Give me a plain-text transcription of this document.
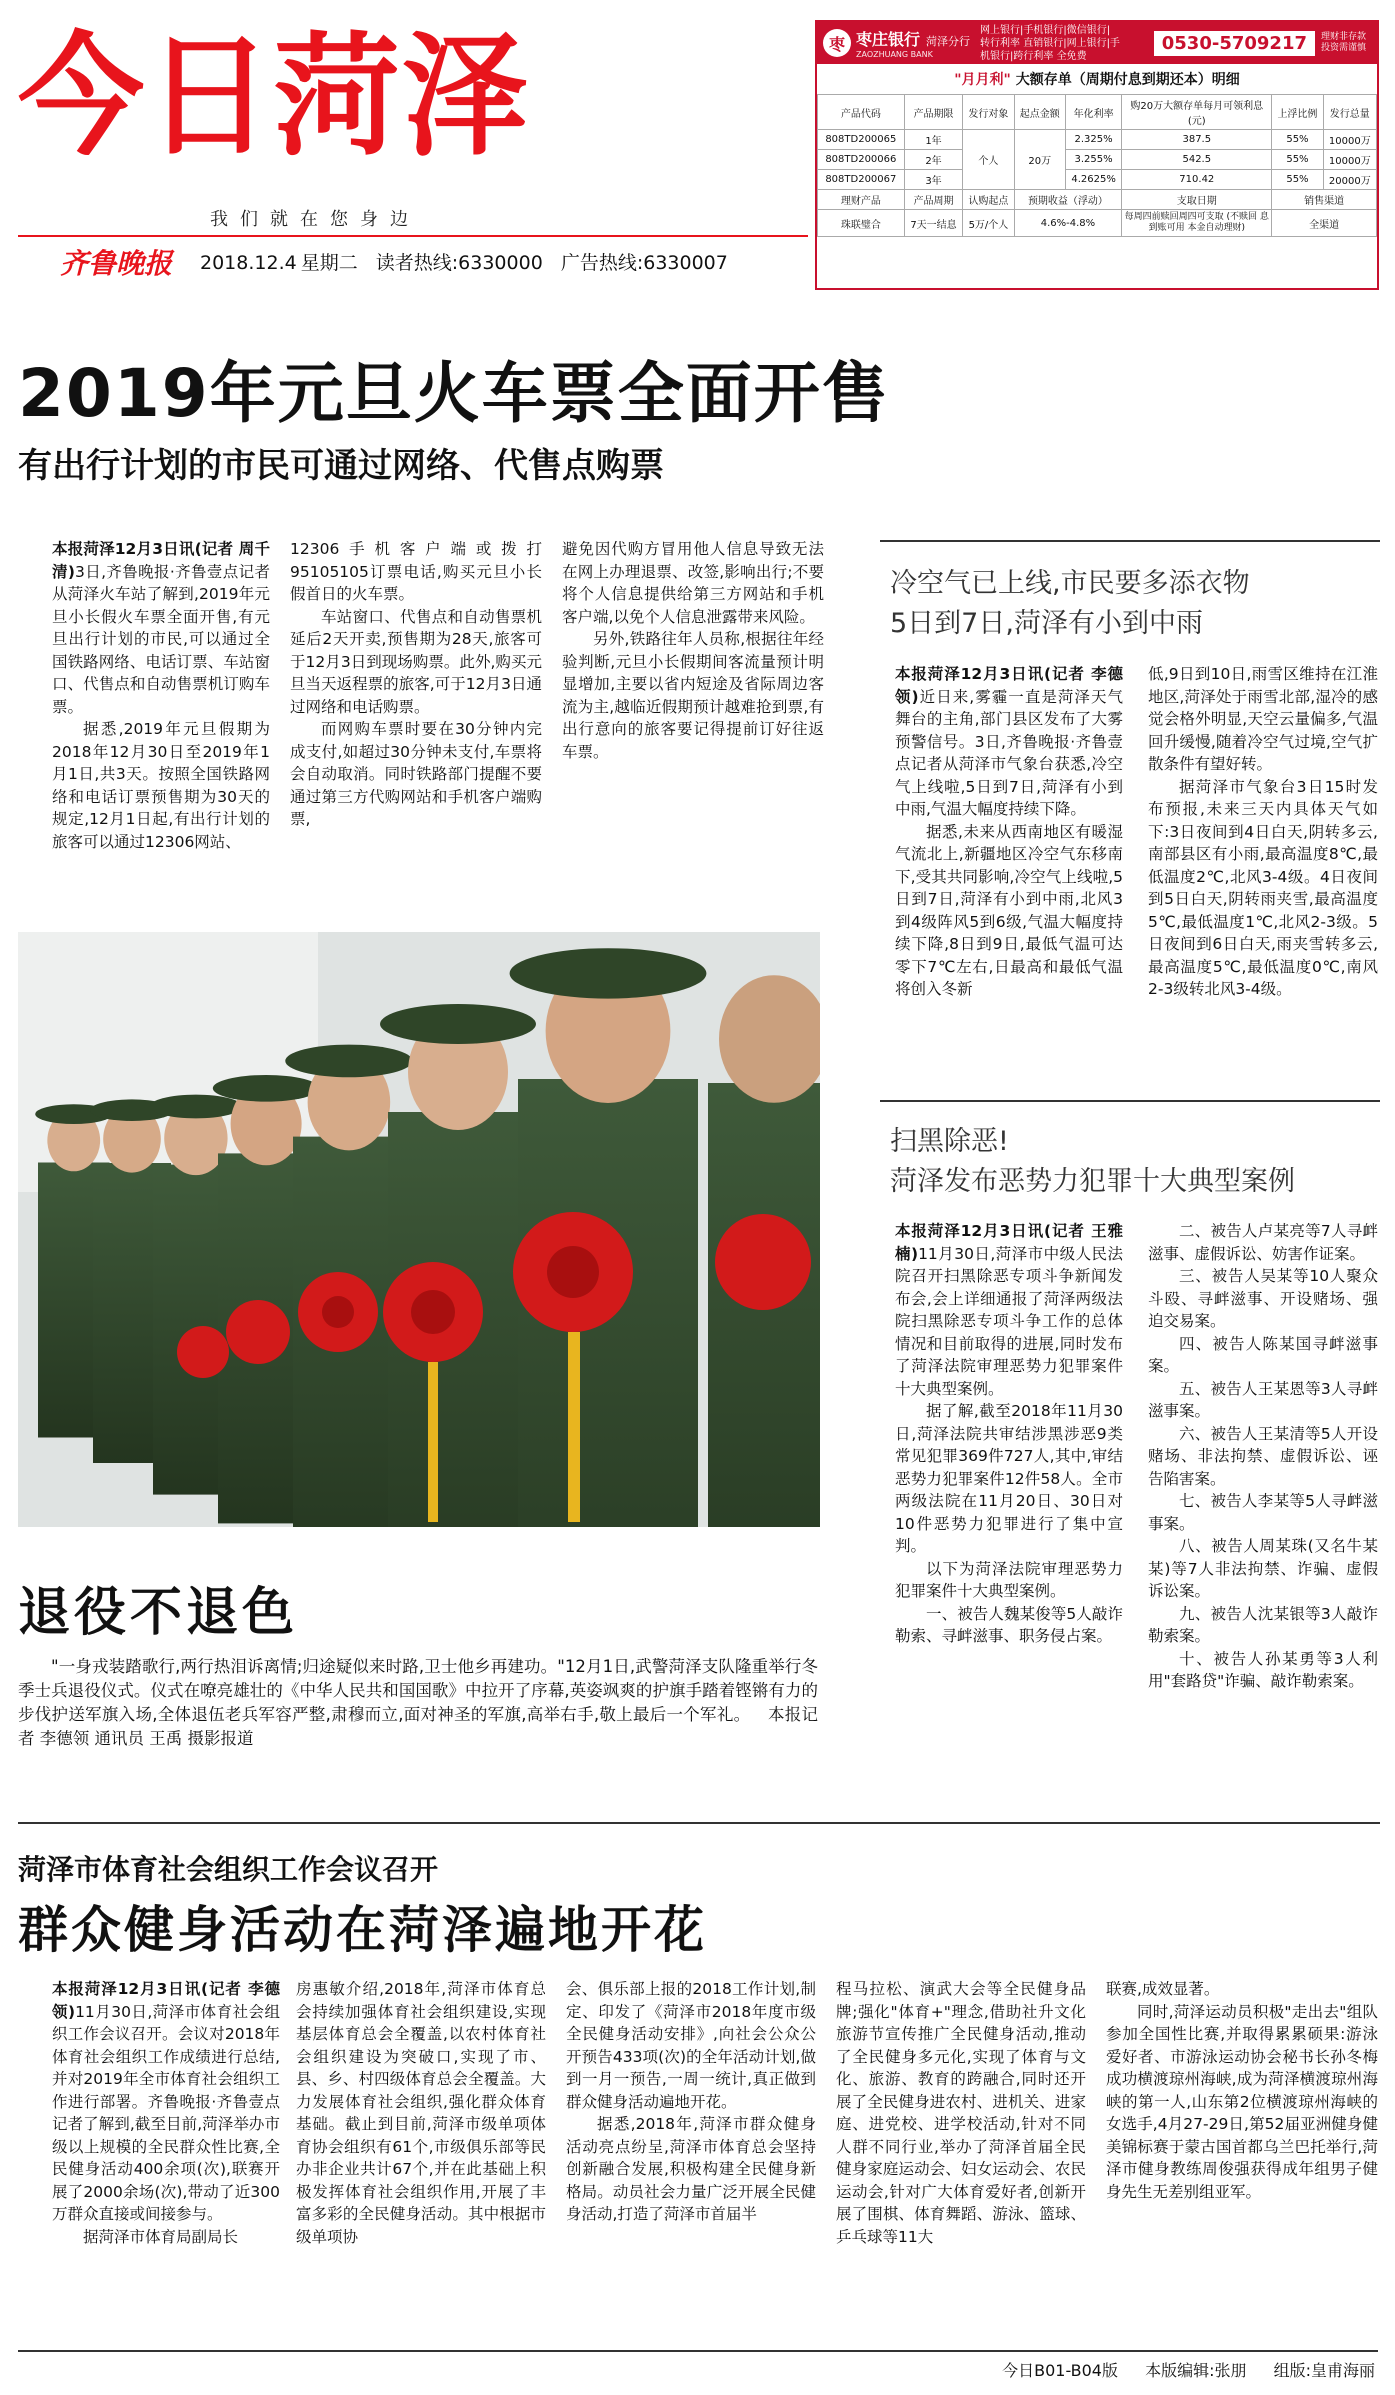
今日菏泽
我们就在您身边
齐鲁晚报 2018.12.4 星期二 读者热线:6330000 广告热线:6330007
枣 枣庄银行 菏泽分行
ZAOZHUANG BANK
网上银行|手机银行|微信银行|转行利率 直销银行|网上银行|手机银行|跨行利率 全免费
0530-5709217	理财非存款 投资需谨慎
"月月利" 大额存单（周期付息到期还本）明细
产品代码	产品期限	发行对象	起点金额	年化利率	购20万大额存单每月可领利息(元)	上浮比例	发行总量
808TD200065	1年	个人	20万	2.325%	387.5	55%	10000万
808TD200066	2年			3.255%	542.5	55%	10000万
808TD200067	3年			4.2625%	710.42	55%	20000万
理财产品	产品周期	认购起点	预期收益（浮动）		支取日期	销售渠道	
珠联璧合	7天一结息	5万/个人	4.6%-4.8%		每周四前赎回周四可支取 (不赎回 息到账可用 本金自动理财)	全渠道	
2019年元旦火车票全面开售
有出行计划的市民可通过网络、代售点购票

本报菏泽12月3日讯(记者 周千清)3日,齐鲁晚报·齐鲁壹点记者从菏泽火车站了解到,2019年元旦小长假火车票全面开售,有元旦出行计划的市民,可以通过全国铁路网络、电话订票、车站窗口、代售点和自动售票机订购车票。

据悉,2019年元旦假期为2018年12月30日至2019年1月1日,共3天。按照全国铁路网络和电话订票预售期为30天的规定,12月1日起,有出行计划的旅客可以通过12306网站、

12306手机客户端或拨打95105105订票电话,购买元旦小长假首日的火车票。

车站窗口、代售点和自动售票机延后2天开卖,预售期为28天,旅客可于12月3日到现场购票。此外,购买元旦当天返程票的旅客,可于12月3日通过网络和电话购票。

而网购车票时要在30分钟内完成支付,如超过30分钟未支付,车票将会自动取消。同时铁路部门提醒不要通过第三方代购网站和手机客户端购票,

避免因代购方冒用他人信息导致无法在网上办理退票、改签,影响出行;不要将个人信息提供给第三方网站和手机客户端,以免个人信息泄露带来风险。

另外,铁路往年人员称,根据往年经验判断,元旦小长假期间客流量预计明显增加,主要以省内短途及省际周边客流为主,越临近假期预计越难抢到票,有出行意向的旅客要记得提前订好往返车票。

退役不退色
"一身戎装踏歌行,两行热泪诉离情;归途疑似来时路,卫士他乡再建功。"12月1日,武警菏泽支队隆重举行冬季士兵退役仪式。仪式在嘹亮雄壮的《中华人民共和国国歌》中拉开了序幕,英姿飒爽的护旗手踏着铿锵有力的步伐护送军旗入场,全体退伍老兵军容严整,肃穆而立,面对神圣的军旗,高举右手,敬上最后一个军礼。 本报记者 李德领 通讯员 王禹 摄影报道
冷空气已上线,市民要多添衣物
5日到7日,菏泽有小到中雨

本报菏泽12月3日讯(记者 李德领)近日来,雾霾一直是菏泽天气舞台的主角,部门县区发布了大雾预警信号。3日,齐鲁晚报·齐鲁壹点记者从菏泽市气象台获悉,冷空气上线啦,5日到7日,菏泽有小到中雨,气温大幅度持续下降。

据悉,未来从西南地区有暖湿气流北上,新疆地区冷空气东移南下,受其共同影响,冷空气上线啦,5日到7日,菏泽有小到中雨,北风3到4级阵风5到6级,气温大幅度持续下降,8日到9日,最低气温可达零下7℃左右,日最高和最低气温将创入冬新

低,9日到10日,雨雪区维持在江淮地区,菏泽处于雨雪北部,湿冷的感觉会格外明显,天空云量偏多,气温回升缓慢,随着冷空气过境,空气扩散条件有望好转。

据菏泽市气象台3日15时发布预报,未来三天内具体天气如下:3日夜间到4日白天,阴转多云,南部县区有小雨,最高温度8℃,最低温度2℃,北风3-4级。4日夜间到5日白天,阴转雨夹雪,最高温度5℃,最低温度1℃,北风2-3级。5日夜间到6日白天,雨夹雪转多云,最高温度5℃,最低温度0℃,南风2-3级转北风3-4级。

扫黑除恶!
菏泽发布恶势力犯罪十大典型案例

本报菏泽12月3日讯(记者 王雅楠)11月30日,菏泽市中级人民法院召开扫黑除恶专项斗争新闻发布会,会上详细通报了菏泽两级法院扫黑除恶专项斗争工作的总体情况和目前取得的进展,同时发布了菏泽法院审理恶势力犯罪案件十大典型案例。

据了解,截至2018年11月30日,菏泽法院共审结涉黑涉恶9类常见犯罪369件727人,其中,审结恶势力犯罪案件12件58人。全市两级法院在11月20日、30日对10件恶势力犯罪进行了集中宣判。

以下为菏泽法院审理恶势力犯罪案件十大典型案例。

一、被告人魏某俊等5人敲诈勒索、寻衅滋事、职务侵占案。

二、被告人卢某亮等7人寻衅滋事、虚假诉讼、妨害作证案。

三、被告人吴某等10人聚众斗殴、寻衅滋事、开设赌场、强迫交易案。

四、被告人陈某国寻衅滋事案。

五、被告人王某恩等3人寻衅滋事案。

六、被告人王某清等5人开设赌场、非法拘禁、虚假诉讼、诬告陷害案。

七、被告人李某等5人寻衅滋事案。

八、被告人周某珠(又名牛某某)等7人非法拘禁、诈骗、虚假诉讼案。

九、被告人沈某银等3人敲诈勒索案。

十、被告人孙某勇等3人利用"套路贷"诈骗、敲诈勒索案。

菏泽市体育社会组织工作会议召开
群众健身活动在菏泽遍地开花

本报菏泽12月3日讯(记者 李德领)11月30日,菏泽市体育社会组织工作会议召开。会议对2018年体育社会组织工作成绩进行总结,并对2019年全市体育社会组织工作进行部署。齐鲁晚报·齐鲁壹点记者了解到,截至目前,菏泽举办市级以上规模的全民群众性比赛,全民健身活动400余项(次),联赛开展了2000余场(次),带动了近300万群众直接或间接参与。

据菏泽市体育局副局长

房惠敏介绍,2018年,菏泽市体育总会持续加强体育社会组织建设,实现基层体育总会全覆盖,以农村体育社会组织建设为突破口,实现了市、县、乡、村四级体育总会全覆盖。大力发展体育社会组织,强化群众体育基础。截止到目前,菏泽市级单项体育协会组织有61个,市级俱乐部等民办非企业共计67个,并在此基础上积极发挥体育社会组织作用,开展了丰富多彩的全民健身活动。其中根据市级单项协

会、俱乐部上报的2018工作计划,制定、印发了《菏泽市2018年度市级全民健身活动安排》,向社会公众公开预告433项(次)的全年活动计划,做到一月一预告,一周一统计,真正做到群众健身活动遍地开花。

据悉,2018年,菏泽市群众健身活动亮点纷呈,菏泽市体育总会坚持创新融合发展,积极构建全民健身新格局。动员社会力量广泛开展全民健身活动,打造了菏泽市首届半

程马拉松、演武大会等全民健身品牌;强化"体育+"理念,借助社升文化旅游节宣传推广全民健身活动,推动了全民健身多元化,实现了体育与文化、旅游、教育的跨融合,同时还开展了全民健身进农村、进机关、进家庭、进党校、进学校活动,针对不同人群不同行业,举办了菏泽首届全民健身家庭运动会、妇女运动会、农民运动会,针对广大体育爱好者,创新开展了围棋、体育舞蹈、游泳、篮球、乒乓球等11大

联赛,成效显著。

同时,菏泽运动员积极"走出去"组队参加全国性比赛,并取得累累硕果:游泳爱好者、市游泳运动协会秘书长孙冬梅成功横渡琼州海峡,成为菏泽横渡琼州海峡的第一人,山东第2位横渡琼州海峡的女选手,4月27-29日,第52届亚洲健身健美锦标赛于蒙古国首都乌兰巴托举行,菏泽市健身教练周俊强获得成年组男子健身先生无差别组亚军。

今日B01-B04版 本版编辑:张朋 组版:皇甫海丽
